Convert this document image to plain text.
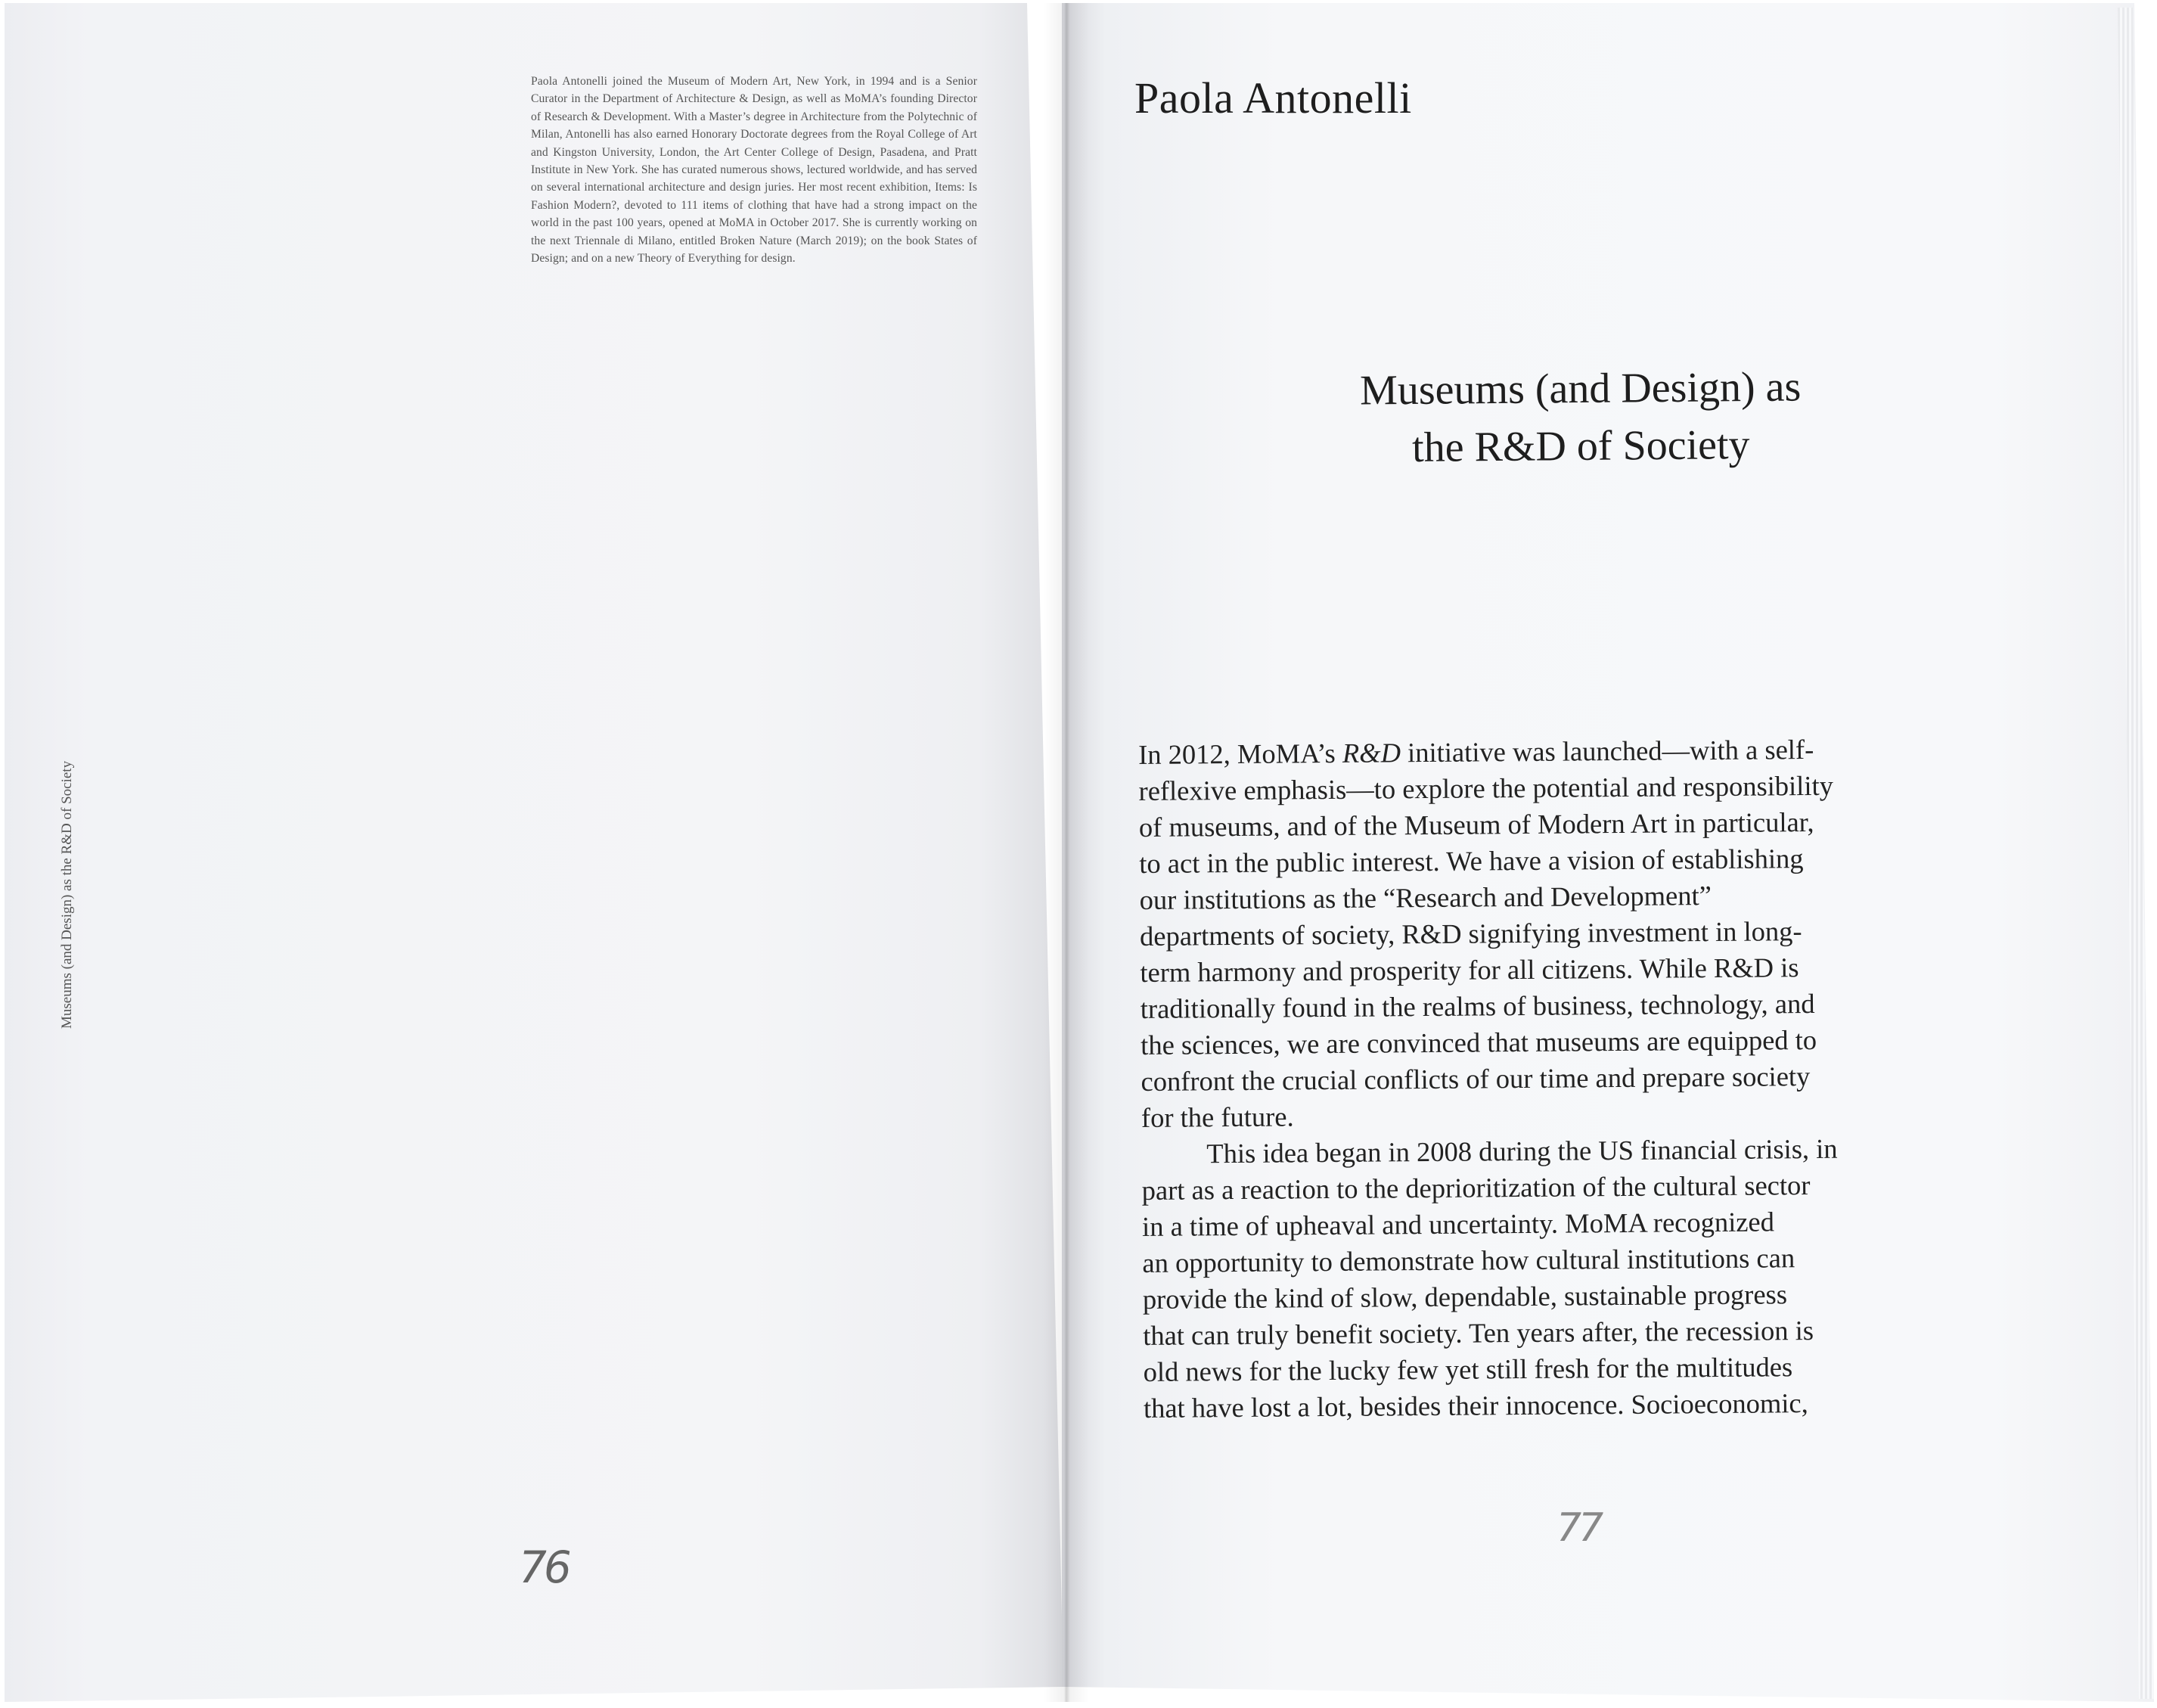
Paola Antonelli joined the Museum of Modern Art, New York, in 1994 and is a Senior Curator in the Department of Architecture & Design, as well as MoMA’s founding Director of Research & Development. With a Master’s degree in Architecture from the Polytechnic of Milan, Antonelli has also earned Honorary Doctorate degrees from the Royal College of Art and Kingston University, London, the Art Center College of Design, Pasadena, and Pratt Institute in New York. She has curated numerous shows, lectured worldwide, and has served on several international architecture and design juries. Her most recent exhibition, Items: Is Fashion Modern?, devoted to 111 items of clothing that have had a strong impact on the world in the past 100 years, opened at MoMA in October 2017. She is currently working on the next Triennale di Milano, entitled Broken Nature (March 2019); on the book States of Design; and on a new Theory of Everything for design.
Museums (and Design) as the R&D of Society
76
Paola Antonelli
Museums (and Design) as
the R&D of Society

In 2012, MoMA’s R&D initiative was launched—with a self-
reflexive emphasis—to explore the potential and responsibility
of museums, and of the Museum of Modern Art in particular,
to act in the public interest. We have a vision of establishing
our institutions as the “Research and Development”
departments of society, R&D signifying investment in long-
term harmony and prosperity for all citizens. While R&D is
traditionally found in the realms of business, technology, and
the sciences, we are convinced that museums are equipped to
confront the crucial conflicts of our time and prepare society
for the future.

This idea began in 2008 during the US financial crisis, in
part as a reaction to the deprioritization of the cultural sector
in a time of upheaval and uncertainty. MoMA recognized
an opportunity to demonstrate how cultural institutions can
provide the kind of slow, dependable, sustainable progress
that can truly benefit society. Ten years after, the recession is
old news for the lucky few yet still fresh for the multitudes
that have lost a lot, besides their innocence. Socioeconomic,

77
